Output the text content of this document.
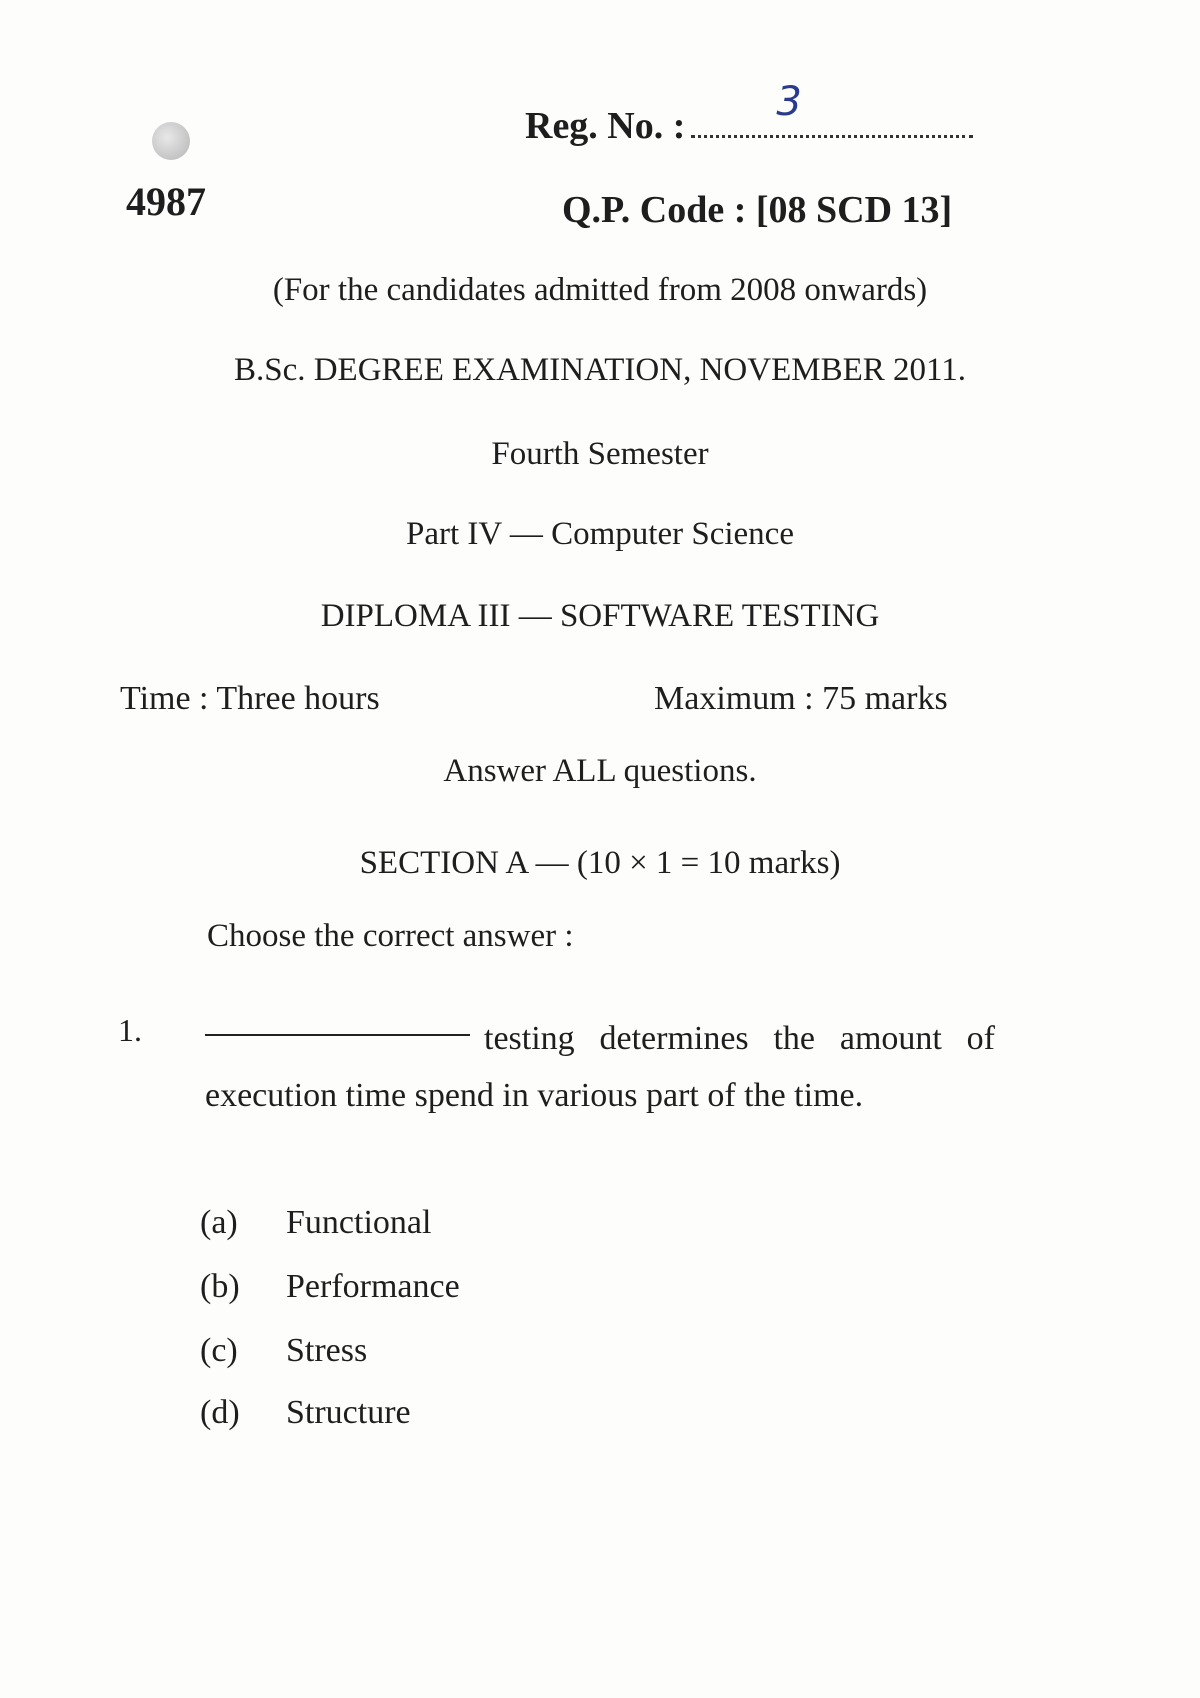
Reg. No. :
3
4987	Q.P. Code : [08 SCD 13]
(For the candidates admitted from 2008 onwards)
B.Sc. DEGREE EXAMINATION, NOVEMBER 2011.
Fourth Semester
Part IV — Computer Science
DIPLOMA III — SOFTWARE TESTING
Time : Three hours	Maximum : 75 marks
Answer ALL questions.
SECTION A — (10 × 1 = 10 marks)
Choose the correct answer :
1.	testing determines the amount of execution time spend in various part of the time.
(a) Functional
(b) Performance
(c) Stress
(d) Structure
